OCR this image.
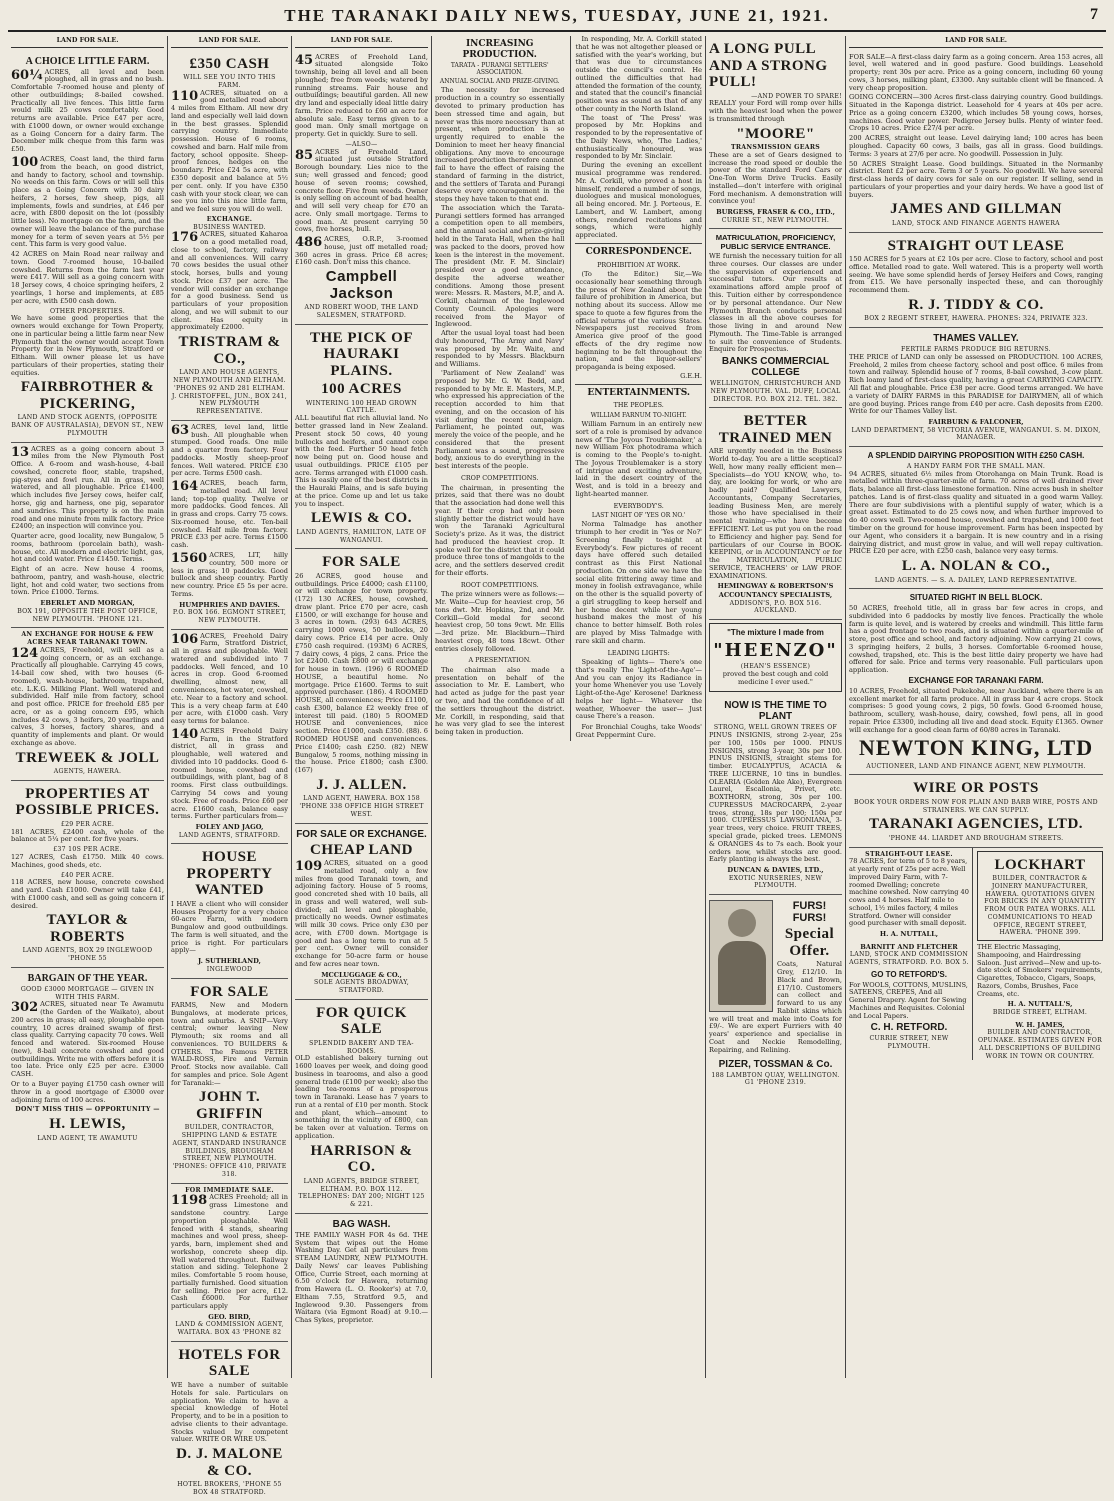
THE TARANAKI DAILY NEWS, TUESDAY, JUNE 21, 1921.	7
LAND FOR SALE.
A CHOICE LITTLE FARM.

60¼ ACRES, all level and been ploughed, all in grass and no bush. Comfortable 7-roomed house and plenty of other outbuildings; 8-bailed cowshed. Practically all live fences. This little farm would milk 25 cows comfortably. Good returns are available. Price £47 per acre, with £1000 down, or owner would exchange as a Going Concern for a dairy farm. The December milk cheque from this farm was £50.

100 ACRES, Coast land, the third farm from the beach, on good district, and handy to factory, school and township. No weeds on this farm. Cows or will sell this place as a Going Concern with 30 dairy heifers, 2 horses, few sheep, pigs, all implements, fowls and sundries, at £46 per acre, with £800 deposit on the lot (possibly little less). No mortgage on the farm, and the owner will leave the balance of the purchase money for a term of seven years at 5½ per cent. This farm is very good value.

42 ACRES on Main Road near railway and town. Good 7-roomed house, 10-bailed cowshed. Returns from the farm last year were £417. Will sell as a going concern with 18 Jersey cows, 4 choice springing heifers, 2 yearlings, 1 horse and implements, at £85 per acre, with £500 cash down.

OTHER PROPERTIES.

We have some good properties that the owners would exchange for Town Property, one in particular being a little farm near New Plymouth that the owner would accept Town Property for in New Plymouth, Stratford or Eltham. Will owner please let us have particulars of their properties, stating their equities.

FAIRBROTHER & PICKERING,
LAND AND STOCK AGENTS, (OPPOSITE BANK OF AUSTRALASIA), DEVON ST., NEW PLYMOUTH

13 ACRES as a going concern about 3 miles from the New Plymouth Post Office. A 6-room and wash-house, 4-bail cowshed, concrete floor, stable, trapshed, pig-styes and fowl run. All in grass, well watered, and all ploughable. Price £1400, which includes five Jersey cows, heifer calf, horse, gig and harness, one pig, separator and sundries. This property is on the main road and one minute from milk factory. Price £2400; an inspection will convince you.

Quarter acre, good locality, new Bungalow, 5 rooms, bathroom (porcelain bath), wash-house, etc. All modern and electric light, gas, hot and cold water. Price £1450. Terms.

Eight of an acre. New house 4 rooms, bathroom, pantry, and wash-house, electric light, hot and cold water, two sections from town. Price £1000. Terms.

EBERLET AND MORGAN,
BOX 191, OPPOSITE THE POST OFFICE, NEW PLYMOUTH. 'PHONE 121.
AN EXCHANGE FOR HOUSE & FEW ACRES NEAR TARANAKI TOWN.

124 ACRES, Freehold, will sell as a going concern, or as an exchange. Practically all ploughable. Carrying 45 cows, 14-bail cow shed, with two houses (6-roomed), wash-house, bathroom, trapshed, etc. L.K.G. Milking Plant. Well watered and subdivided. Half mile from factory, school and post office. PRICE for freehold £85 per acre, or as a going concern £95, which includes 42 cows, 3 heifers, 20 yearlings and calves, 3 horses, factory shares, and a quantity of implements and plant. Or would exchange as above.

TREWEEK & JOLL
AGENTS, HAWERA.
PROPERTIES AT POSSIBLE PRICES.
£29 PER ACRE.

181 ACRES, £2400 cash, whole of the balance at 5¼ per cent. for five years.

£37 10S PER ACRE.

127 ACRES, Cash £1750. Milk 40 cows. Machines, good sheds, etc.

£40 PER ACRE.

118 ACRES, new house, concrete cowshed and yard. Cash £1000. Owner will take £41, with £1000 cash, and sell as going concern if desired.

TAYLOR & ROBERTS
LAND AGENTS, BOX 29 INGLEWOOD 'PHONE 55
BARGAIN OF THE YEAR.
GOOD £3000 MORTGAGE — GIVEN IN WITH THIS FARM.

302 ACRES, situated near Te Awamutu (the Garden of the Waikato), about 200 acres in grass; all easy, ploughable open country, 10 acres drained swamp of first-class quality. Carrying capacity 70 cows. Well fenced and watered. Six-roomed House (new), 8-bail concrete cowshed and good outbuildings. Write me with offers before it is too late. Price only £25 per acre. £3000 CASH.

Or to a Buyer paying £1750 cash owner will throw in a good mortgage of £3000 over adjoining farm of 100 acres.

DON'T MISS THIS — OPPORTUNITY —
H. LEWIS,
LAND AGENT, TE AWAMUTU
LAND FOR SALE.
£350 CASH
WILL SEE YOU INTO THIS FARM.

110 ACRES, situated on a good metalled road about 4 miles from Eltham. All new dry land and especially well laid down in the best grasses. Splendid carrying country. Immediate possession. House of 6 rooms, cowshed and barn. Half mile from factory, school opposite. Sheep-proof fences, hedges on the boundary. Price £24 5s acre, with £350 deposit and balance at 5½ per cent. only. If you have £350 cash with your stock clear, we can see you into this nice little farm, and we feel sure you will do well.

EXCHANGE.
BUSINESS WANTED.

176 ACRES, situated Kaharoa on a good metalled road, close to school, factory, railway and all conveniences. Will carry 70 cows besides the usual other stock, horses, bulls and young stock. Price £37 per acre. The vendor will consider an exchange for a good business. Send us particulars of your proposition along, and we will submit to our client. Has equity in approximately £2000.

TRISTRAM & CO.,
LAND AND HOUSE AGENTS, NEW PLYMOUTH AND ELTHAM. 'PHONES 92 AND 281 ELTHAM. J. CHRISTOFFEL, JUN., BOX 241, NEW PLYMOUTH REPRESENTATIVE.

63 ACRES, level land, little bush. All ploughable when stumped. Good roads. One mile and a quarter from factory. Four paddocks. Mostly sheep-proof fences. Well watered. PRICE £30 per acre. Terms £500 cash.

164 ACRES, beach farm, metalled road. All level land; top-top quality. Twelve or more paddocks. Good fences. All in grass and crops. Carry 75 cows. Six-roomed house, etc. Ten-bail cowshed. Half mile from factory. PRICE £33 per acre. Terms £1500 cash.

1560 ACRES, LIT, hilly country, 500 more or less in grass; 10 paddocks. Good bullock and sheep country. Partly new country. Price £5 5s per acre. Terms.

HUMPHRIES AND DAVIES.
P.O. BOX 166. EGMONT STREET, NEW PLYMOUTH.

106 ACRES, Freehold Dairy Farm, Stratford District, all in grass and ploughable. Well watered and subdivided into 7 paddocks. Well fenced, and 10 acres in crop. Good 6-roomed dwelling, almost new, all conveniences, hot water, cowshed, etc. Near to a factory and school. This is a very cheap farm at £40 per acre, with £1000 cash. Very easy terms for balance.

140 ACRES Freehold Dairy Farm, in the Stratford district, all in grass and ploughable, well watered and divided into 10 paddocks. Good 6-roomed house, cowshed and outbuildings, with plant, bag of 8 rooms. First class outbuildings. Carrying 54 cows and young stock. Free of roads. Price £60 per acre. £1600 cash, balance easy terms. Further particulars from—

FOLEY AND JAGO,
LAND AGENTS, STRATFORD.
HOUSE PROPERTY WANTED

I HAVE a client who will consider Houses Property for a very choice 60-acre Farm, with modern Bungalow and good outbuildings. The farm is well situated, and the price is right. For particulars apply—

J. SUTHERLAND,
INGLEWOOD
FOR SALE

FARMS, New and Modern Bungalows, at moderate prices, town and suburbs. A SNIP—Very central; owner leaving New Plymouth; six rooms and all conveniences. TO BUILDERS & OTHERS. The Famous PETER WALD-ROSS, Fire and Vermin Proof. Stocks now available. Call for samples and price. Sole Agent for Taranaki:—

JOHN T. GRIFFIN
BUILDER, CONTRACTOR, SHIPPING LAND & ESTATE AGENT, STANDARD INSURANCE BUILDINGS, BROUGHAM STREET, NEW PLYMOUTH. 'PHONES: OFFICE 410, PRIVATE 318.
FOR IMMEDIATE SALE.

1198 ACRES Freehold; all in grass Limestone and sandstone country. Large proportion ploughable. Well fenced with 4 stands, shearing machines and wool press, sheep-yards, barn, implement shed and workshop, concrete sheep dip. Well watered throughout. Railway station and siding. Telephone 2 miles. Comfortable 5 room house, partially furnished. Good situation for selling. Price per acre, £12. Cash £6000. For further particulars apply

GEO. BIRD,
LAND & COMMISSION AGENT, WAITARA. BOX 43 'PHONE 82
HOTELS FOR SALE

WE have a number of suitable Hotels for sale. Particulars on application. We claim to have a special knowledge of Hotel Property, and to be in a position to advise clients to their advantage. Stocks valued by competent valuer. WRITE OR WIRE US.

D. J. MALONE & CO.
HOTEL BROKERS, 'PHONE 55 BOX 48 STRATFORD.
LAND FOR SALE.

45 ACRES of Freehold Land, situated alongside Toko township, being all level and all been ploughed; free from weeds; watered by running streams. Fair house and outbuildings; beautiful garden. All new dry land and especially ideal little dairy farm. Price reduced to £60 an acre for absolute sale. Easy terms given to a good man. Only small mortgage on property. Get in quickly. Sure to sell.

—ALSO—

85 ACRES of Freehold Land, situated just outside Stratford Borough boundary. Lies nice to the sun; well grassed and fenced; good house of seven rooms; cowshed, concrete floor. Five from weeds. Owner is only selling on account of bad health, and will sell very cheap for £70 an acre. Only small mortgage. Terms to good man. At present carrying 50 cows, five horses, bull.

486 ACRES, O.R.P., 3-roomed house, just off metalled road; 360 acres in grass. Price £8 acres; £160 cash. Don't miss this chance.

Campbell Jackson
AND ROBERT WOOD, THE LAND SALESMEN, STRATFORD.
THE PICK OF HAURAKI PLAINS.
100 ACRES
WINTERING 100 HEAD GROWN CATTLE.

ALL beautiful flat rich alluvial land. No better grassed land in New Zealand. Present stock 50 cows, 40 young bullocks and heifers, and cannot cope with the feed. Further 50 head fetch now being put on. Good house and usual outbuildings. PRICE £105 per acre. Terms arranged with £1000 cash. This is easily one of the best districts in the Hauraki Plains, and is safe buying at the price. Come up and let us take you to inspect.

LEWIS & CO.
LAND AGENTS, HAMILTON, LATE OF WANGANUI.
FOR SALE

26 ACRES, good house and outbuildings. Price £4000; cash £1100, or will exchange for town property. (172) 130 ACRES, house, cowshed, draw plant. Price £70 per acre, cash £1500, or will exchange for house and 3 acres in town. (293) 643 ACRES, carrying 1000 ewes, 50 bullocks, 20 dairy cows. Price £14 per acre. Only £750 cash required. (193M) 6 ACRES, 7 dairy cows, 4 pigs, 2 cans. Price the lot £2400. Cash £800 or will exchange for house in town. (196) 6 ROOMED HOUSE, a beautiful home. No mortgage. Price £1600. Terms to suit approved purchaser. (186). 4 ROOMED HOUSE, all conveniences; Price £1100, cash £300, balance £2 weekly free of interest till paid. (180) 5 ROOMED HOUSE and conveniences, nice section. Price £1000, cash £350. (88). 6 ROOMED HOUSE and conveniences. Price £1400; cash £250. (82) NEW Bungalow, 5 rooms, nothing missing in the house. Price £1800; cash £300. (167)

J. J. ALLEN.
LAND AGENT, HAWERA. BOX 158 'PHONE 338 OFFICE HIGH STREET WEST.
FOR SALE OR EXCHANGE.
CHEAP LAND

109 ACRES, situated on a good metalled road, only a few miles from good Taranaki town, and adjoining factory. House of 5 rooms, good concreted shed with 10 bails, all in grass and well watered, well sub-divided; all level and ploughable, practically no weeds. Owner estimates will milk 30 cows. Price only £30 per acre, with £700 down. Mortgage is good and has a long term to run at 5 per cent. Owner will consider exchange for 50-acre farm or house and few acres near town.

MCCLUGGAGE & CO.,
SOLE AGENTS BROADWAY, STRATFORD.
FOR QUICK SALE
SPLENDID BAKERY AND TEA-ROOMS.

OLD established bakery turning out 1600 loaves per week, and doing good business in tearooms, and also a good general trade (£100 per week); also the leading tea-rooms of a prosperous town in Taranaki. Lease has 7 years to run at a rental of £10 per month. Stock and plant, which—amount to something in the vicinity of £800, can be taken over at valuation. Terms on application.

HARRISON & CO.
LAND AGENTS, BRIDGE STREET, ELTHAM. P.O. BOX 112. TELEPHONES: DAY 200; NIGHT 125 & 221.
BAG WASH.

THE FAMILY WASH FOR 4s 6d. THE System that wipes out the Home Washing Day. Get all particulars from STEAM LAUNDRY, NEW PLYMOUTH. Daily News' car leaves Publishing Office, Currie Street, each morning at 6.50 o'clock for Hawera, returning from Hawera (L. O. Rooker's) at 7.0, Eltham 7.55, Stratford 9.5, and Inglewood 9.30. Passengers from Waitara (via Egmont Road) at 9.10.—Chas Sykes, proprietor.

INCREASING PRODUCTION.
TARATA - PURANGI SETTLERS' ASSOCIATION.
ANNUAL SOCIAL AND PRIZE-GIVING.

The necessity for increased production in a country so essentially devoted to primary production has been stressed time and again, but never was this more necessary than at present, when production is so urgently required to enable the Dominion to meet her heavy financial obligations. Any move to encourage increased production therefore cannot fail to have the effect of raising the standard of farming in the district, and the settlers of Tarata and Purangi deserve every encouragement in the steps they have taken to that end.

The association which the Tarata-Purangi settlers formed has arranged a competition open to all members, and the annual social and prize-giving held in the Tarata Hall, when the hall was packed to the doors, proved how keen is the interest in the movement. The president (Mr. F. M. Sinclair) presided over a good attendance, despite the adverse weather conditions. Among those present were: Messrs. R. Masters, M.P., and A. Corkill, chairman of the Inglewood County Council. Apologies were received from the Mayor of Inglewood.

After the usual loyal toast had been duly honoured, 'The Army and Navy' was proposed by Mr. Waite, and responded to by Messrs. Blackburn and Williams.

'Parliament of New Zealand' was proposed by Mr. G. W. Bedd, and responded to by Mr. E. Masters, M.P., who expressed his appreciation of the reception accorded to him that evening, and on the occasion of his visit during the recent campaign. Parliament, he pointed out, was merely the voice of the people, and he considered that the present Parliament was a sound, progressive body, anxious to do everything in the best interests of the people.

CROP COMPETITIONS.

The chairman, in presenting the prizes, said that there was no doubt that the association had done well this year. If their crop had only been slightly better the district would have won the Taranaki Agricultural Society's prize. As it was, the district had produced the heaviest crop. It spoke well for the district that it could produce three tons of mangolds to the acre, and the settlers deserved credit for their efforts.

ROOT COMPETITIONS.

The prize winners were as follows:— Mr. Waite—Cup for heaviest crop, 56 tons dwt. Mr. Hopkins, 2nd, and Mr. Corkill—Gold medal for second heaviest crop, 50 tons 9cwt. Mr. Ellis—3rd prize. Mr. Blackburn—Third heaviest crop, 48 tons 18cwt. Other entries closely followed.

A PRESENTATION.

The chairman also made a presentation on behalf of the association to Mr. E. Lambert, who had acted as judge for the past year or two, and had the confidence of all the settlers throughout the district. Mr. Corkill, in responding, said that he was very glad to see the interest being taken in production.

In responding, Mr. A. Corkill stated that he was not altogether pleased or satisfied with the year's working, but that was due to circumstances outside the council's control. He outlined the difficulties that had attended the formation of the county, and stated that the council's financial position was as sound as that of any other county in the North Island.

The toast of 'The Press' was proposed by Mr. Hopkins and responded to by the representative of the Daily News, who, 'The Ladies,' enthusiastically honoured, was responded to by Mr. Sinclair.

During the evening an excellent musical programme was rendered. Mr. A. Corkill, who proved a host in himself, rendered a number of songs, duologues and musical monologues, all being encored. Mr. J. Porteous, E. Lambert, and W. Lambert, among others, rendered recitations and songs, which were highly appreciated.

CORRESPONDENCE.
PROHIBITION AT WORK.

(To the Editor.) Sir,—We occasionally hear something through the press of New Zealand about the failure of prohibition in America, but nothing about its success. Allow me space to quote a few figures from the official returns of the various States. Newspapers just received from America give proof of the good effects of the dry regime now beginning to be felt throughout the nation, and the liquor-sellers' propaganda is being exposed.

G.E.H.
ENTERTAINMENTS.
THE PEOPLES.
WILLIAM FARNUM TO-NIGHT.

William Farnum in an entirely new sort of a role is promised by advance news of 'The Joyous Troublemaker,' a new William Fox photodrama which is coming to the People's to-night. The Joyous Troublemaker is a story of intrigue and exciting adventure, laid in the desert country of the West, and is told in a breezy and light-hearted manner.

EVERYBODY'S.
LAST NIGHT OF 'YES OR NO.'

Norma Talmadge has another triumph to her credit in 'Yes or No?' Screening finally to-night at Everybody's. Few pictures of recent days have offered such detailed contrast as this First National production. On one side we have the social elite frittering away time and money in foolish extravagance, while on the other is the squalid poverty of a girl struggling to keep herself and her home decent while her young husband makes the most of his chance to better himself. Both roles are played by Miss Talmadge with rare skill and charm.

LEADING LIGHTS:

Speaking of lights— There's one that's really The 'Light-of-the-Age'— And you can enjoy its Radiance in your home Whenever you use 'Lovely Light-of-the-Age' Kerosene! Darkness helps her light— Whatever the weather, Whoever the user— Just cause There's a reason.

For Bronchial Coughs, take Woods' Great Peppermint Cure.

A LONG PULL AND A STRONG PULL!
—AND POWER TO SPARE!

REALLY your Ford will romp over hills with the heaviest load when the power is transmitted through

"MOORE"
TRANSMISSION GEARS

These are a set of Gears designed to increase the road speed or double the power of the standard Ford Cars or One-Ton Worm Drive Trucks. Easily installed—don't interfere with original Ford mechanism. A demonstration will convince you!

BURGESS, FRASER & CO., LTD.,
CURRIE ST., NEW PLYMOUTH.
MATRICULATION, PROFICIENCY, PUBLIC SERVICE ENTRANCE.

WE furnish the necessary tuition for all three courses. Our classes are under the supervision of experienced and successful tutors. Our results at examinations afford ample proof of this. Tuition either by correspondence or by personal attendance. Our New Plymouth Branch conducts personal classes in all the above courses for those living in and around New Plymouth. The Time-Table is arranged to suit the convenience of Students. Enquire for Prospectus.

BANKS COMMERCIAL COLLEGE
WELLINGTON, CHRISTCHURCH AND NEW PLYMOUTH. VAL. DUFF, LOCAL DIRECTOR. P.O. BOX 212. TEL. 382.
BETTER TRAINED MEN

ARE urgently needed in the Business World to-day. You are a little sceptical? Well, how many really efficient men—Specialists—do YOU KNOW, who, to-day, are looking for work, or who are badly paid? Qualified Lawyers, Accountants, Company Secretaries, leading Business Men, are merely those who have specialised in their mental training—who have become EFFICIENT. Let us put you on the road to Efficiency and higher pay. Send for particulars of our Course in BOOK-KEEPING, or in ACCOUNTANCY or for the MATRICULATION, PUBLIC SERVICE, TEACHERS' or LAW PROF. EXAMINATIONS.

HEMINGWAY & ROBERTSON'S ACCOUNTANCY SPECIALISTS,
ADDISON'S, P.O. BOX 516. AUCKLAND.
"The mixture I made from
"HEENZO"
(HEAN'S ESSENCE)

proved the best cough and cold medicine I ever used."

NOW IS THE TIME TO PLANT
STRONG, WELL GROWN TREES OF

PINUS INSIGNIS, strong 2-year, 25s per 100, 150s per 1000. PINUS INSIGNIS, strong 3-year, 30s per 100. PINUS INSIGNIS, straight stems for timber. EUCALYPTUS, ACACIA & TREE LUCERNE, 10 tins in bundles. OLEARIA (Golden Ake Ake), Evergreen Laurel, Escallonia, Privet, etc. BOXTHORN, strong, 30s per 100. CUPRESSUS MACROCARPA, 2-year trees, strong, 18s per 100; 150s per 1000. CUPRESSUS LAWSONIANA, 3-year trees, very choice. FRUIT TREES, special grade, picked trees. LEMONS & ORANGES 4s to 7s each. Book your orders now, whilst stocks are good. Early planting is always the best.

DUNCAN & DAVIES, LTD.,
EXOTIC NURSERIES, NEW PLYMOUTH.
FURS! FURS!
Special Offer.

Coats, Natural Grey, £12/10. In Black and Brown, £17/10. Customers can collect and forward to us any Rabbit skins which we will treat and make into Coats for £9/-. We are expert Furriers with 40 years' experience and specialise in Coat and Neckie Remodelling, Repairing, and Relining.

PIZER, TOSSMAN & Co.
188 LAMBTON QUAY, WELLINGTON. G1 'PHONE 2319.
LAND FOR SALE.

FOR SALE—A first-class dairy farm as a going concern. Area 153 acres, all level, well watered and in good pasture. Good buildings. Leasehold property; rent 30s per acre. Price as a going concern, including 60 young cows, 3 horses, milking plant, £3300. Any suitable client will be financed. A very cheap proposition.

GOING CONCERN—300 Acres first-class dairying country. Good buildings. Situated in the Kaponga district. Leasehold for 4 years at 40s per acre. Price as a going concern £3200, which includes 58 young cows, horses, machines. Good water power. Pedigree Jersey bulls. Plenty of winter feed. Crops 10 acres. Price £27/4 per acre.

200 ACRES, straight out lease. Level dairying land; 100 acres has been ploughed. Capacity 60 cows, 3 bails, gas all in grass. Good buildings. Terms: 3 years at 27/6 per acre. No goodwill. Possession in July.

50 ACRES Straight Lease. Good buildings. Situated in the Normanby district. Rent £2 per acre. Term 3 or 5 years. No goodwill. We have several first-class herds of dairy cows for sale on our register. If selling, send in particulars of your properties and your dairy herds. We have a good list of buyers.

JAMES AND GILLMAN
LAND, STOCK AND FINANCE AGENTS HAWERA
STRAIGHT OUT LEASE

150 ACRES for 5 years at £2 10s per acre. Close to factory, school and post office. Metalled road to gate. Well watered. This is a property well worth seeing. We have some splendid herds of Jersey Heifers and Cows, ranging from £15. We have personally inspected these, and can thoroughly recommend them.

R. J. TIDDY & CO.
BOX 2 REGENT STREET, HAWERA. PHONES: 324, PRIVATE 323.
THAMES VALLEY.
FERTILE FARMS PRODUCE BIG RETURNS.

THE PRICE of LAND can only be assessed on PRODUCTION. 100 ACRES, Freehold, 2 miles from cheese factory, school and post office. 6 miles from town and railway. Splendid house of 7 rooms, 8-bail cowshed, 3-cow plant. Rich loamy land of first-class quality, having a great CARRYING CAPACITY. All flat and ploughable. Price £38 per acre. Good terms arranged. We have a variety of DAIRY FARMS in this PARADISE for DAIRYMEN, all of which are good buying. Prices range from £40 per acre. Cash deposits from £200. Write for our Thames Valley list.

FAIRBURN & FALCONER,
LAND DEPARTMENT, 58 VICTORIA AVENUE, WANGANUI. S. M. DIXON, MANAGER.
A SPLENDID DAIRYING PROPOSITION WITH £250 CASH.
A HANDY FARM FOR THE SMALL MAN.

94 ACRES, situated 6½ miles from Otorohanga on Main Trunk. Road is metalled within three-quarter-mile of farm. 70 acres of well drained river flats, balance all first-class limestone formation. Nine acres bush in shelter patches. Land is of first-class quality and situated in a good warm Valley. There are four subdivisions with a plentiful supply of water, which is a great asset. Estimated to do 25 cows now, and when further improved to do 40 cows well. Two-roomed house, cowshed and trapshed, and 1000 feet timber on the ground for house improvement. Farm has been inspected by our Agent, who considers it a bargain. It is new country and in a rising dairying district, and must grow in value, and will well repay cultivation. PRICE £20 per acre, with £250 cash, balance very easy terms.

L. A. NOLAN & CO.,
LAND AGENTS. — S. A. DAILEY, LAND REPRESENTATIVE.
SITUATED RIGHT IN BELL BLOCK.

50 ACRES, freehold title, all in grass bar few acres in crops, and subdivided into 6 paddocks by mostly live fences. Practically the whole farm is quite level, and is watered by creeks and windmill. This little farm has a good frontage to two roads, and is situated within a quarter-mile of store, post office and school, and factory adjoining. Now carrying 21 cows, 3 springing heifers, 2 bulls, 3 horses. Comfortable 6-roomed house, cowshed, trapshed, etc. This is the best little dairy property we have had offered for sale. Price and terms very reasonable. Full particulars upon application.

EXCHANGE FOR TARANAKI FARM.

10 ACRES, Freehold, situated Pukekohe, near Auckland, where there is an excellent market for all farm produce. All in grass bar 4 acre crops. Stock comprises: 5 good young cows, 2 pigs, 50 fowls. Good 6-roomed house, bathroom, scullery, wash-house, dairy, cowshed, fowl pens, all in good repair. Price £3300, including all live and dead stock. Equity £1365. Owner will exchange for a good clean farm of 60/80 acres in Taranaki.

NEWTON KING, LTD
AUCTIONEER, LAND AND FINANCE AGENT, NEW PLYMOUTH.
WIRE OR POSTS
BOOK YOUR ORDERS NOW FOR PLAIN AND BARB WIRE, POSTS AND STRAINERS. WE CAN SUPPLY.
TARANAKI AGENCIES, LTD.
'PHONE 44. LIARDET AND BROUGHAM STREETS.
STRAIGHT-OUT LEASE.

78 ACRES, for term of 5 to 8 years, at yearly rent of 25s per acre. Well improved Dairy Farm, with 7-roomed Dwelling; concrete machine cowshed. Now carrying 40 cows and 4 horses. Half mile to school, 1½ miles factory, 4 miles Stratford. Owner will consider good purchaser with small deposit.

H. A. NUTTALL,
BARNITT AND FLETCHER
LAND, STOCK AND COMMISSION AGENTS, STRATFORD. P.O. BOX 5.
GO TO RETFORD'S.

For WOOLS, COTTONS, MUSLINS, SATEENS, CREPES, And all General Drapery. Agent for Sewing Machines and Requisites. Colonial and Local Papers.

C. H. RETFORD.
CURRIE STREET, NEW PLYMOUTH.
LOCKHART
BUILDER, CONTRACTOR & JOINERY MANUFACTURER, HAWERA. QUOTATIONS GIVEN FOR BRICKS IN ANY QUANTITY FROM OUR PATEA WORKS. ALL COMMUNICATIONS TO HEAD OFFICE, REGENT STREET, HAWERA. 'PHONE 399.

THE Electric Massaging, Shampooing, and Hairdressing Saloon. Just arrived—New and up-to-date stock of Smokers' requirements, Cigarettes, Tobacco, Cigars, Soaps, Razors, Combs, Brushes, Face Creams, etc.

H. A. NUTTALL'S,
BRIDGE STREET, ELTHAM.
W. H. JAMES,
BUILDER AND CONTRACTOR, OPUNAKE. ESTIMATES GIVEN FOR ALL DESCRIPTIONS OF BUILDING WORK IN TOWN OR COUNTRY.
